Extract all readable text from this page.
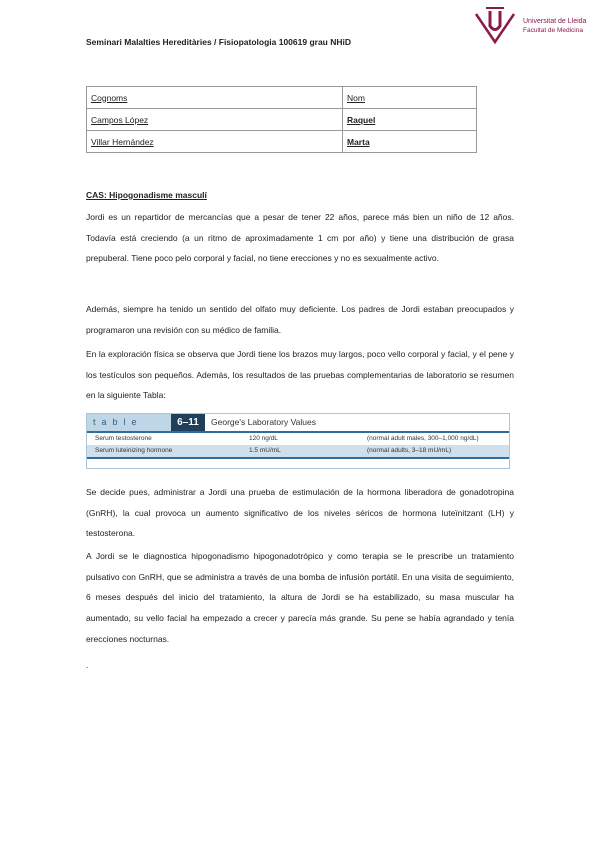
Seminari Malalties Hereditàries / Fisiopatologia 100619 grau NHiD
Universitat de Lleida
Facultat de Medicina
Cognoms	Nom
Campos López	Raquel
Villar Hernández	Marta
CAS: Hipogonadisme masculí

Jordi es un repartidor de mercancías que a pesar de tener 22 años, parece más bien un niño de 12 años. Todavía está creciendo (a un ritmo de aproximadamente 1 cm por año) y tiene una distribución de grasa prepuberal. Tiene poco pelo corporal y facial, no tiene erecciones y no es sexualmente activo.

Además, siempre ha tenido un sentido del olfato muy deficiente. Los padres de Jordi estaban preocupados y programaron una revisión con su médico de familia.

En la exploración física se observa que Jordi tiene los brazos muy largos, poco vello corporal y facial, y el pene y los testículos son pequeños. Además, los resultados de las pruebas complementarias de laboratorio se resumen en la siguiente Tabla:

table	6–11	George's Laboratory Values
Serum testosterone	120 ng/dL	(normal adult males, 300–1,000 ng/dL)
Serum luteinizing hormone	1.5 mU/mL	(normal adults, 3–18 mU/mL)

Se decide pues, administrar a Jordi una prueba de estimulación de la hormona liberadora de gonadotropina (GnRH), la cual provoca un aumento significativo de los niveles séricos de hormona luteïnitzant (LH) y testosterona.

A Jordi se le diagnostica hipogonadismo hipogonadotrópico y como terapia se le prescribe un tratamiento pulsativo con GnRH, que se administra a través de una bomba de infusión portátil. En una visita de seguimiento, 6 meses después del inicio del tratamiento, la altura de Jordi se ha estabilizado, su masa muscular ha aumentado, su vello facial ha empezado a crecer y parecía más grande. Su pene se había agrandado y tenía erecciones nocturnas.

.
